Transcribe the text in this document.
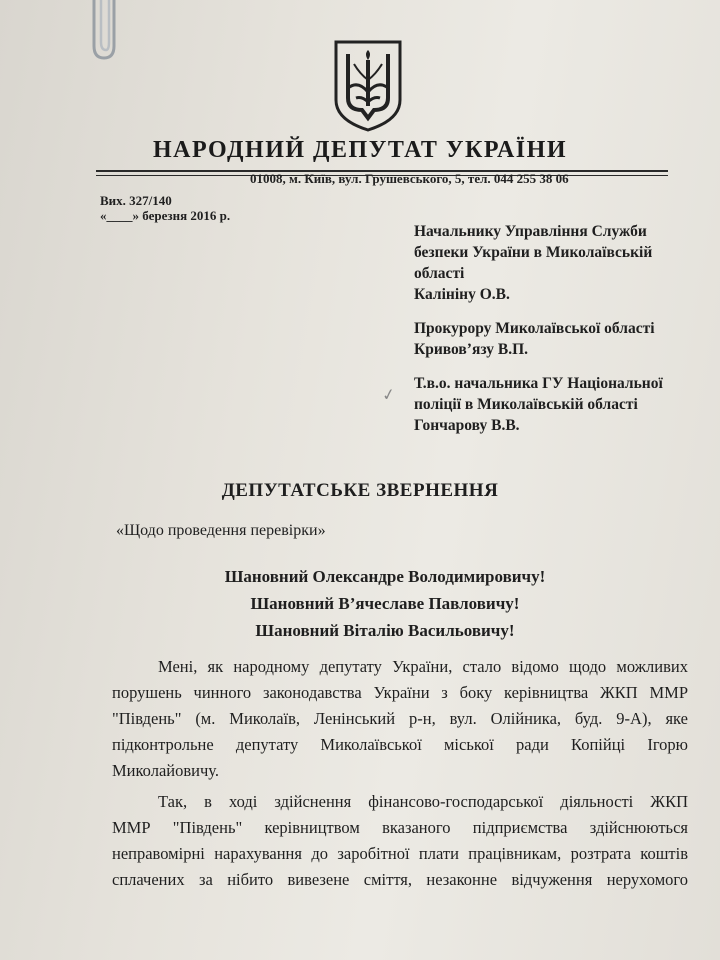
НАРОДНИЙ ДЕПУТАТ УКРАЇНИ
01008, м. Київ, вул. Грушевського, 5, тел. 044 255 38 06
Вих. 327/140
«____» березня 2016 р.
Начальнику Управління Служби
безпеки України в Миколаївській
області
Калініну О.В.
Прокурору Миколаївської області
Кривов’язу В.П.
Т.в.о. начальника ГУ Національної
поліції в Миколаївській області
Гончарову В.В.
✓
ДЕПУТАТСЬКЕ ЗВЕРНЕННЯ
«Щодо проведення перевірки»
Шановний Олександре Володимировичу!
Шановний В’ячеславе Павловичу!
Шановний Віталію Васильовичу!

Мені, як народному депутату України, стало відомо щодо можливих
порушень чинного законодавства України з боку керівництва ЖКП ММР
"Південь" (м. Миколаїв, Ленінський р-н, вул. Олійника, буд. 9-А), яке
підконтрольне депутату Миколаївської міської ради Копійці Ігорю
Миколайовичу.

Так, в ході здійснення фінансово-господарської діяльності ЖКП
ММР "Південь" керівництвом вказаного підприємства здійснюються
неправомірні нарахування до заробітної плати працівникам, розтрата коштів
сплачених за нібито вивезене сміття, незаконне відчуження нерухомого
